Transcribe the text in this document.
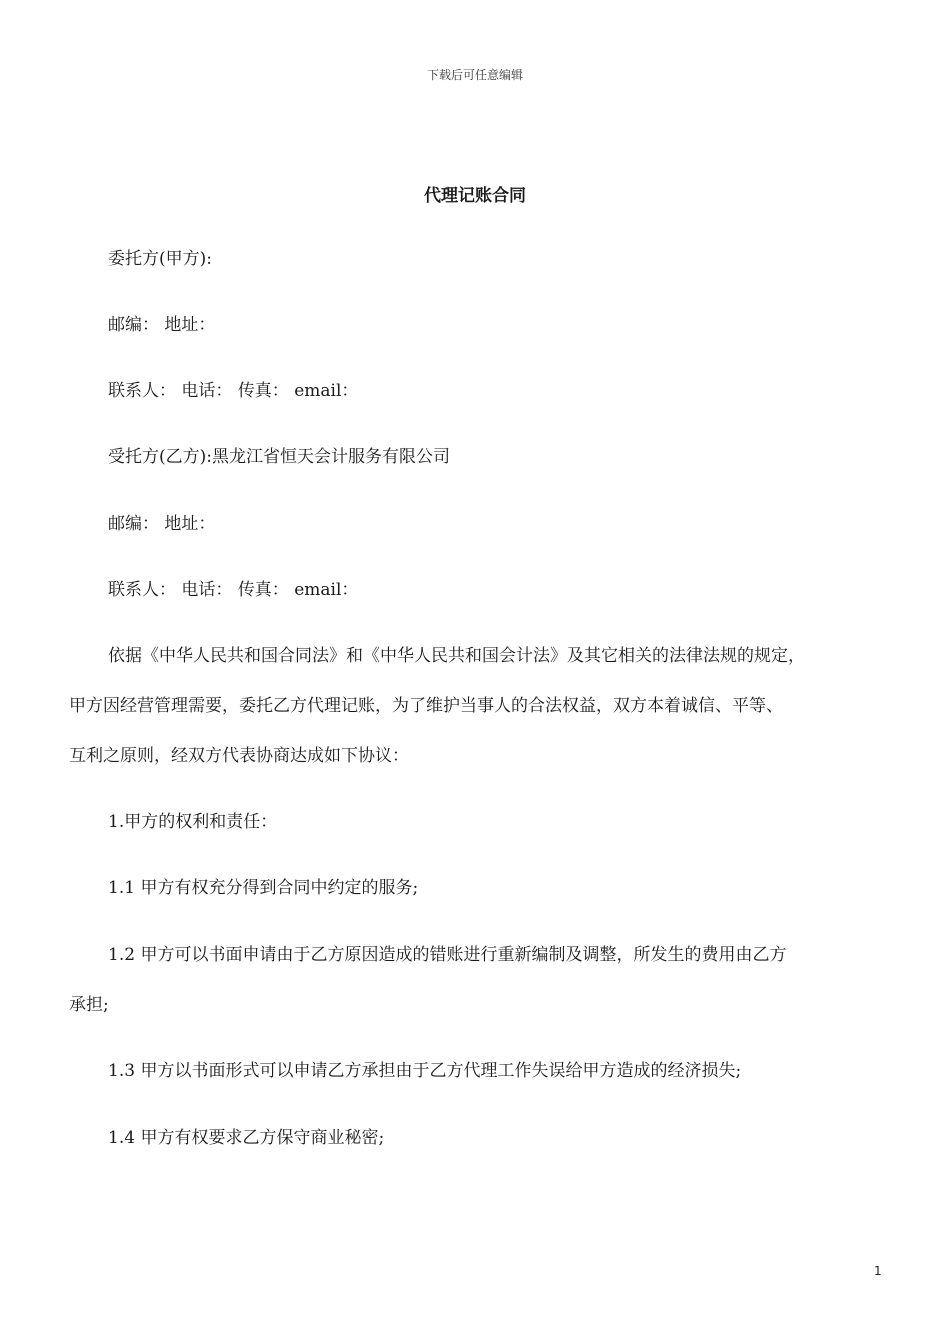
下载后可任意编辑
代理记账合同
委托方(甲方):
邮编： 地址：
联系人： 电话： 传真： email：
受托方(乙方):黑龙江省恒天会计服务有限公司
邮编： 地址：
联系人： 电话： 传真： email：
依据《中华人民共和国合同法》和《中华人民共和国会计法》及其它相关的法律法规的规定，
甲方因经营管理需要，委托乙方代理记账，为了维护当事人的合法权益，双方本着诚信、平等、
互利之原则，经双方代表协商达成如下协议：
1.甲方的权利和责任：
1.1 甲方有权充分得到合同中约定的服务;
1.2 甲方可以书面申请由于乙方原因造成的错账进行重新编制及调整，所发生的费用由乙方
承担;
1.3 甲方以书面形式可以申请乙方承担由于乙方代理工作失误给甲方造成的经济损失;
1.4 甲方有权要求乙方保守商业秘密;
1
